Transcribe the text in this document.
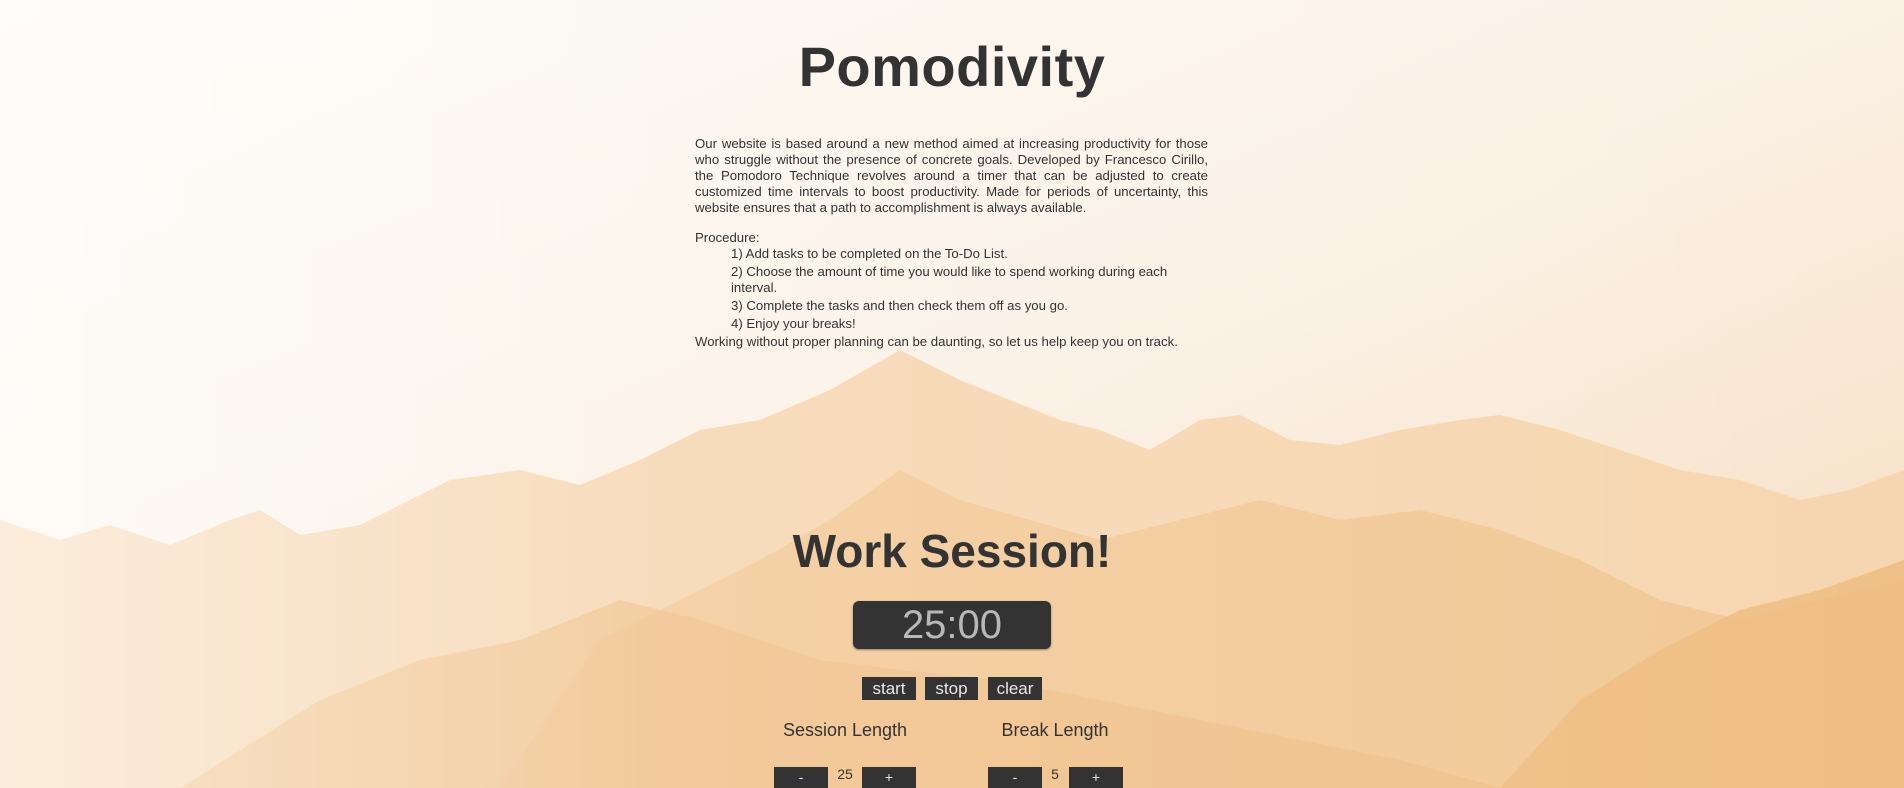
Pomodivity

Our website is based around a new method aimed at increasing productivity for those who struggle without the presence of concrete goals. Developed by Francesco Cirillo, the Pomodoro Technique revolves around a timer that can be adjusted to create customized time intervals to boost productivity. Made for periods of uncertainty, this website ensures that a path to accomplishment is always available.

Procedure:
1) Add tasks to be completed on the To-Do List.
2) Choose the amount of time you would like to spend working during each interval.
3) Complete the tasks and then check them off as you go.
4) Enjoy your breaks!

Working without proper planning can be daunting, so let us help keep you on track.

Work Session!
25:00
start	stop	clear
Session Length	Break Length
-	25	+	-	5	+
